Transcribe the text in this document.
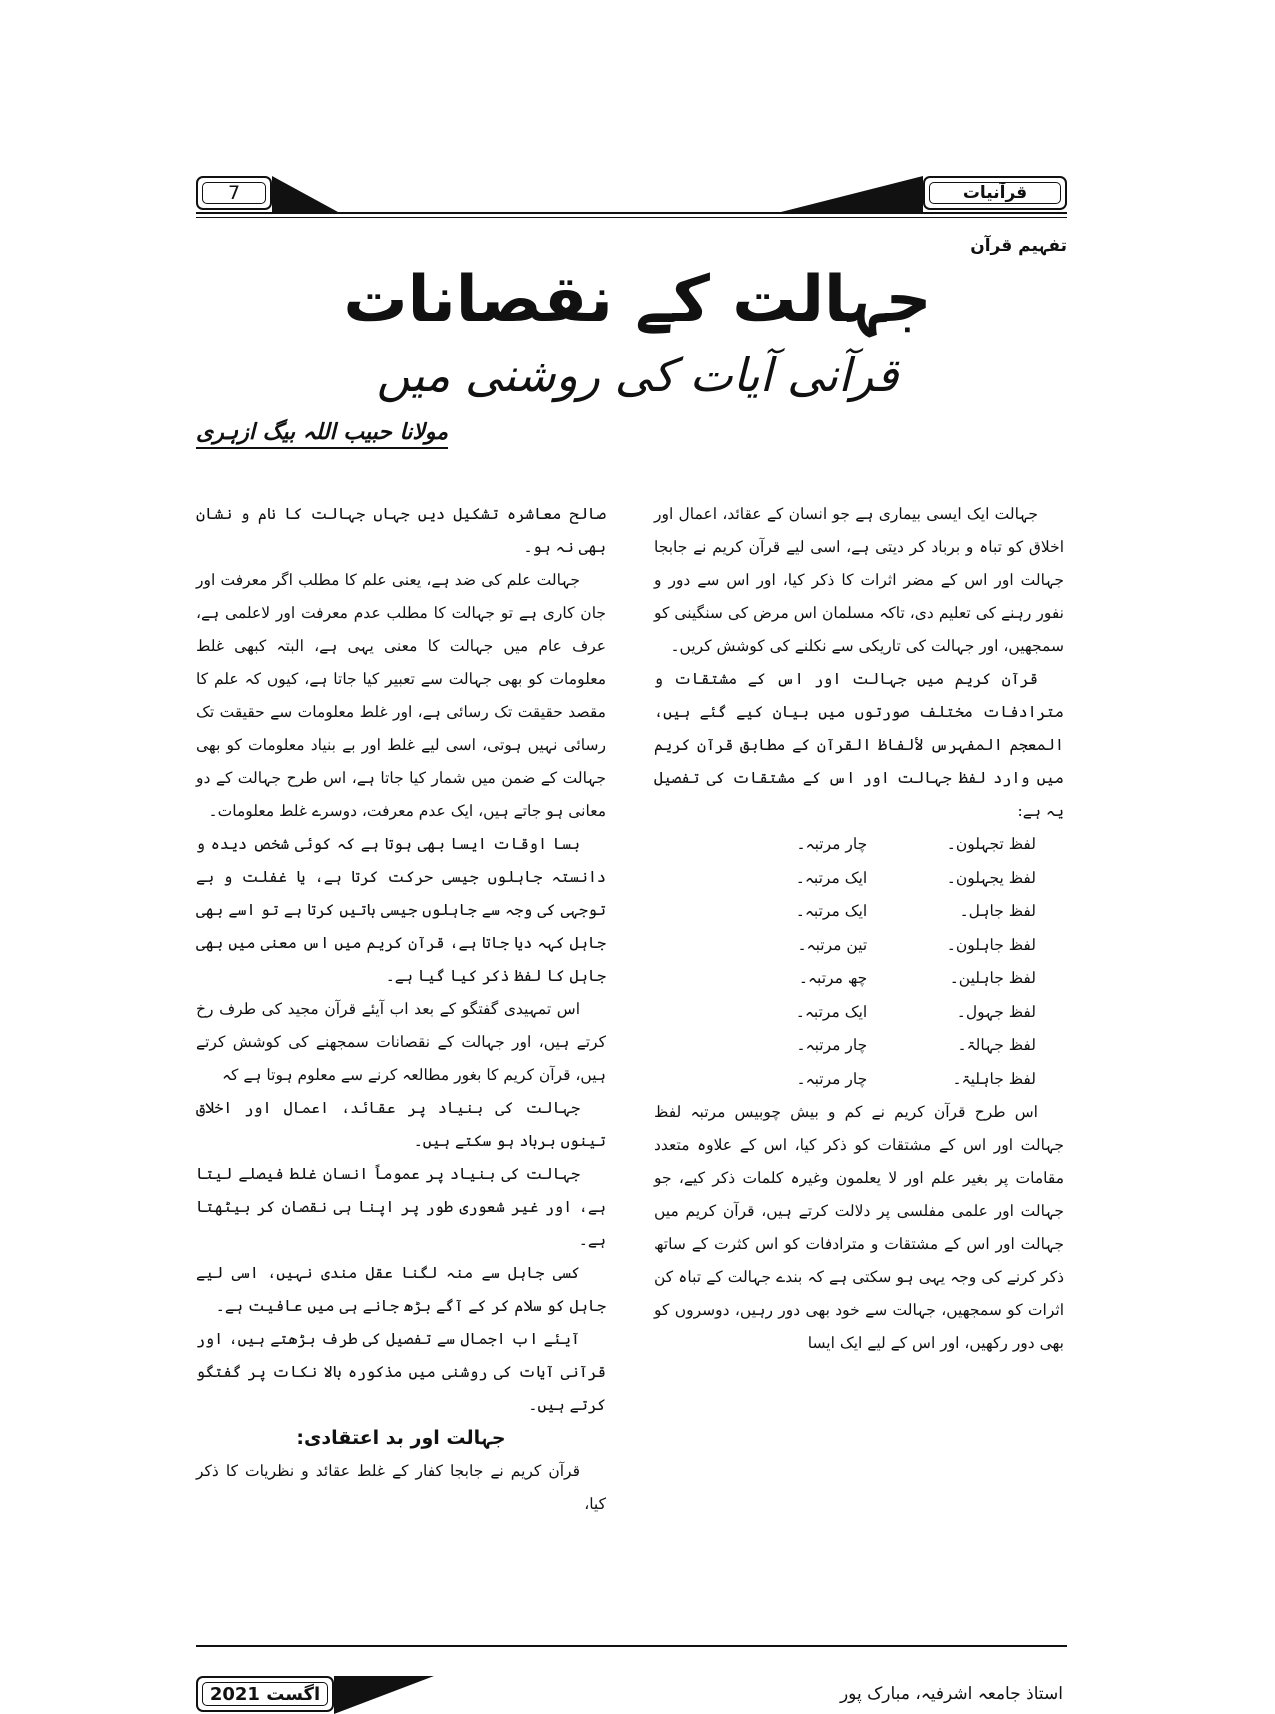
7	قرآنیات
تفہیم قرآن
جہالت کے نقصانات
قرآنی آیات کی روشنی میں
مولانا حبیب اللہ بیگ ازہری

جہالت ایک ایسی بیماری ہے جو انسان کے عقائد، اعمال اور اخلاق کو تباہ و برباد کر دیتی ہے، اسی لیے قرآن کریم نے جابجا جہالت اور اس کے مضر اثرات کا ذکر کیا، اور اس سے دور و نفور رہنے کی تعلیم دی، تاکہ مسلمان اس مرض کی سنگینی کو سمجھیں، اور جہالت کی تاریکی سے نکلنے کی کوشش کریں۔

قرآن کریم میں جہالت اور اس کے مشتقات و مترادفات مختلف صورتوں میں بیان کیے گئے ہیں، المعجم المفہرس لألفاظ القرآن کے مطابق قرآن کریم میں وارد لفظ جہالت اور اس کے مشتقات کی تفصیل یہ ہے:

لفظ تجہلون۔	چار مرتبہ۔
لفظ یجہلون۔	ایک مرتبہ۔
لفظ جاہل۔	ایک مرتبہ۔
لفظ جاہلون۔	تین مرتبہ۔
لفظ جاہلین۔	چھ مرتبہ۔
لفظ جہول۔	ایک مرتبہ۔
لفظ جہالۃ۔	چار مرتبہ۔
لفظ جاہلیۃ۔	چار مرتبہ۔

اس طرح قرآن کریم نے کم و بیش چوبیس مرتبہ لفظ جہالت اور اس کے مشتقات کو ذکر کیا، اس کے علاوہ متعدد مقامات پر بغیر علم اور لا یعلمون وغیرہ کلمات ذکر کیے، جو جہالت اور علمی مفلسی پر دلالت کرتے ہیں، قرآن کریم میں جہالت اور اس کے مشتقات و مترادفات کو اس کثرت کے ساتھ ذکر کرنے کی وجہ یہی ہو سکتی ہے کہ بندے جہالت کے تباہ کن اثرات کو سمجھیں، جہالت سے خود بھی دور رہیں، دوسروں کو بھی دور رکھیں، اور اس کے لیے ایک ایسا

صالح معاشرہ تشکیل دیں جہاں جہالت کا نام و نشان بھی نہ ہو۔

جہالت علم کی ضد ہے، یعنی علم کا مطلب اگر معرفت اور جان کاری ہے تو جہالت کا مطلب عدم معرفت اور لاعلمی ہے، عرف عام میں جہالت کا معنی یہی ہے، البتہ کبھی غلط معلومات کو بھی جہالت سے تعبیر کیا جاتا ہے، کیوں کہ علم کا مقصد حقیقت تک رسائی ہے، اور غلط معلومات سے حقیقت تک رسائی نہیں ہوتی، اسی لیے غلط اور بے بنیاد معلومات کو بھی جہالت کے ضمن میں شمار کیا جاتا ہے، اس طرح جہالت کے دو معانی ہو جاتے ہیں، ایک عدم معرفت، دوسرے غلط معلومات۔

بسا اوقات ایسا بھی ہوتا ہے کہ کوئی شخص دیدہ و دانستہ جاہلوں جیسی حرکت کرتا ہے، یا غفلت و بے توجہی کی وجہ سے جاہلوں جیسی باتیں کرتا ہے تو اسے بھی جاہل کہہ دیا جاتا ہے، قرآن کریم میں اس معنی میں بھی جاہل کا لفظ ذکر کیا گیا ہے۔

اس تمہیدی گفتگو کے بعد اب آیئے قرآن مجید کی طرف رخ کرتے ہیں، اور جہالت کے نقصانات سمجھنے کی کوشش کرتے ہیں، قرآن کریم کا بغور مطالعہ کرنے سے معلوم ہوتا ہے کہ

جہالت کی بنیاد پر عقائد، اعمال اور اخلاق تینوں برباد ہو سکتے ہیں۔

جہالت کی بنیاد پر عموماً انسان غلط فیصلے لیتا ہے، اور غیر شعوری طور پر اپنا ہی نقصان کر بیٹھتا ہے۔

کسی جاہل سے منہ لگنا عقل مندی نہیں، اسی لیے جاہل کو سلام کر کے آگے بڑھ جانے ہی میں عافیت ہے۔

آیئے اب اجمال سے تفصیل کی طرف بڑھتے ہیں، اور قرآنی آیات کی روشنی میں مذکورہ بالا نکات پر گفتگو کرتے ہیں۔

جہالت اور بد اعتقادی:

قرآن کریم نے جابجا کفار کے غلط عقائد و نظریات کا ذکر کیا،

اگست 2021	استاذ جامعہ اشرفیہ، مبارک پور
